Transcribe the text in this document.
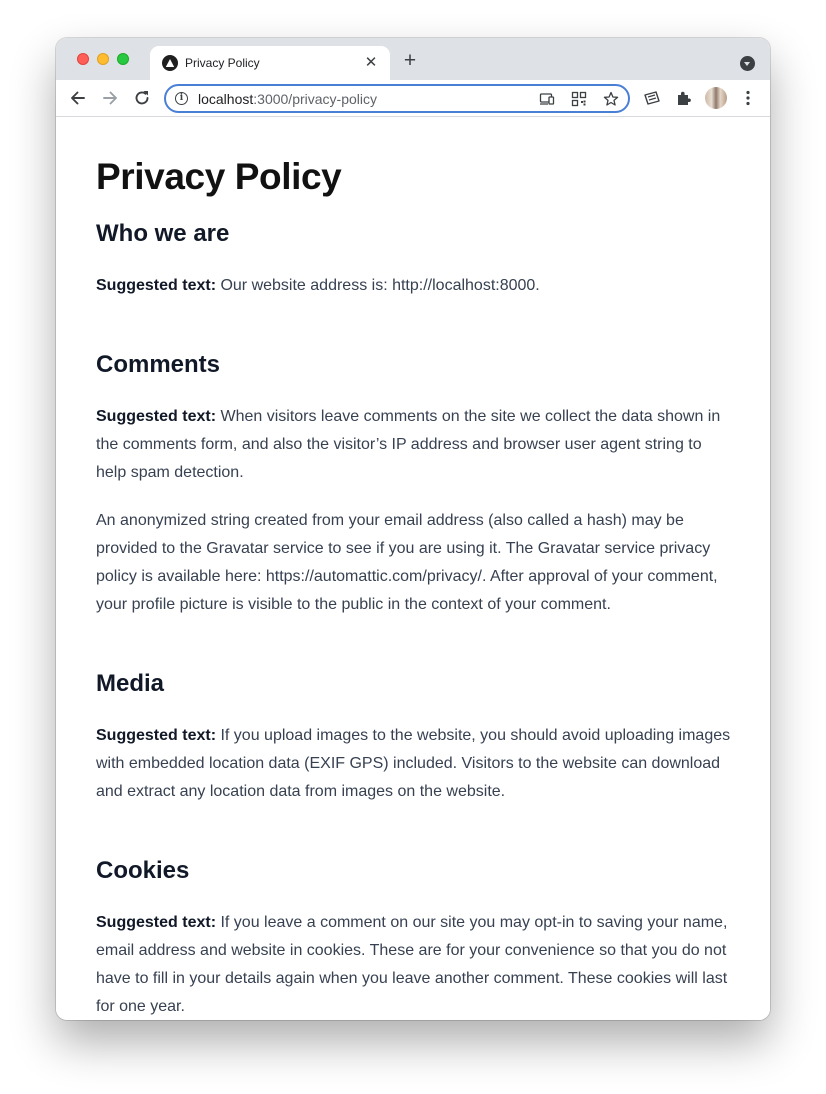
Privacy Policy	✕ +
i	localhost:3000/privacy-policy
Privacy Policy
Who we are

Suggested text: Our website address is: http://localhost:8000.

Comments

Suggested text: When visitors leave comments on the site we collect the data shown in the comments form, and also the visitor’s IP address and browser user agent string to help spam detection.

An anonymized string created from your email address (also called a hash) may be provided to the Gravatar service to see if you are using it. The Gravatar service privacy policy is available here: https://automattic.com/privacy/. After approval of your comment, your profile picture is visible to the public in the context of your comment.

Media

Suggested text: If you upload images to the website, you should avoid uploading images with embedded location data (EXIF GPS) included. Visitors to the website can download and extract any location data from images on the website.

Cookies

Suggested text: If you leave a comment on our site you may opt-in to saving your name, email address and website in cookies. These are for your convenience so that you do not have to fill in your details again when you leave another comment. These cookies will last for one year.
